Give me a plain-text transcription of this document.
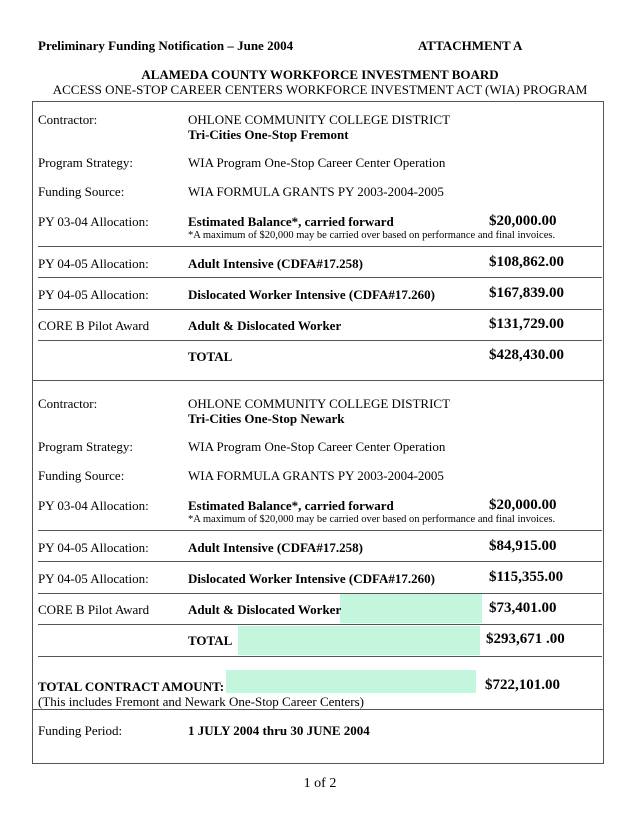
Preliminary Funding Notification – June 2004	ATTACHMENT A
ALAMEDA COUNTY WORKFORCE INVESTMENT BOARD
ACCESS ONE-STOP CAREER CENTERS WORKFORCE INVESTMENT ACT (WIA) PROGRAM
Contractor:	OHLONE COMMUNITY COLLEGE DISTRICT
Tri-Cities One-Stop Fremont
Program Strategy:	WIA Program One-Stop Career Center Operation
Funding Source:	WIA FORMULA GRANTS PY 2003-2004-2005
PY 03-04 Allocation:	Estimated Balance*, carried forward	$20,000.00
*A maximum of $20,000 may be carried over based on performance and final invoices.
PY 04-05 Allocation:	Adult Intensive (CDFA#17.258)	$108,862.00
PY 04-05 Allocation:	Dislocated Worker Intensive (CDFA#17.260)	$167,839.00
CORE B Pilot Award	Adult & Dislocated Worker	$131,729.00
TOTAL	$428,430.00
Contractor:	OHLONE COMMUNITY COLLEGE DISTRICT
Tri-Cities One-Stop Newark
Program Strategy:	WIA Program One-Stop Career Center Operation
Funding Source:	WIA FORMULA GRANTS PY 2003-2004-2005
PY 03-04 Allocation:	Estimated Balance*, carried forward	$20,000.00
*A maximum of $20,000 may be carried over based on performance and final invoices.
PY 04-05 Allocation:	Adult Intensive (CDFA#17.258)	$84,915.00
PY 04-05 Allocation:	Dislocated Worker Intensive (CDFA#17.260)	$115,355.00
CORE B Pilot Award	Adult & Dislocated Worker	$73,401.00
TOTAL	$293,671 .00
TOTAL CONTRACT AMOUNT:	$722,101.00
(This includes Fremont and Newark One-Stop Career Centers)
Funding Period:	1 JULY 2004 thru 30 JUNE 2004
1 of 2
